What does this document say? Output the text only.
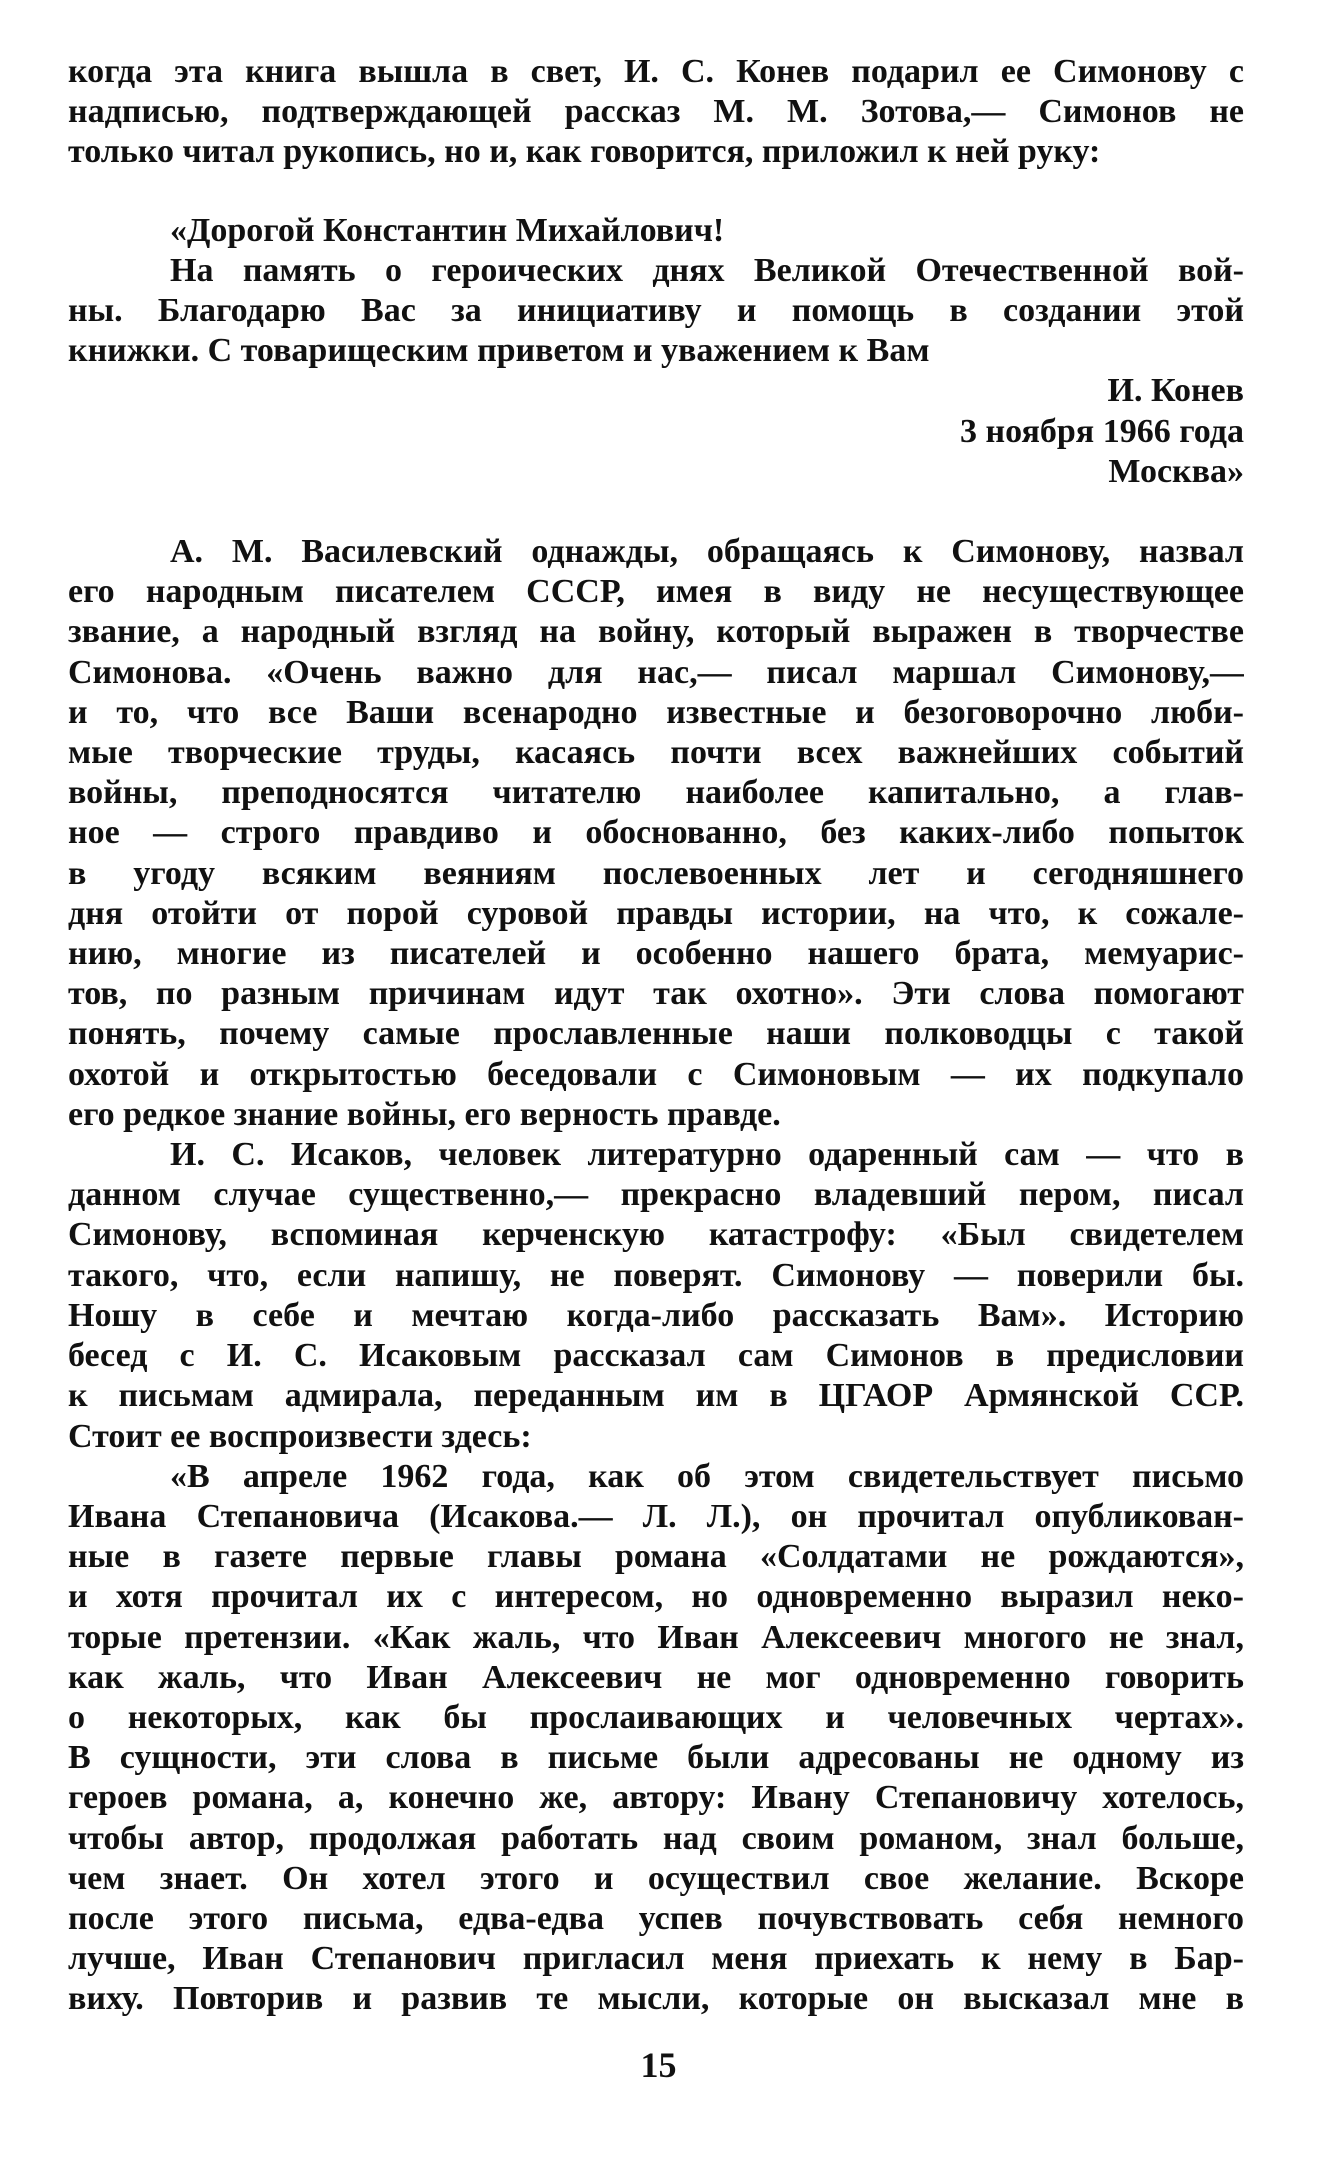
когда эта книга вышла в свет, И. С. Конев подарил ее Симонову с
надписью, подтверждающей рассказ М. М. Зотова,— Симонов не
только читал рукопись, но и, как говорится, приложил к ней руку:
«Дорогой Константин Михайлович!
На память о героических днях Великой Отечественной вой-
ны. Благодарю Вас за инициативу и помощь в создании этой
книжки. С товарищеским приветом и уважением к Вам
И. Конев
3 ноября 1966 года
Москва»
А. М. Василевский однажды, обращаясь к Симонову, назвал
его народным писателем СССР, имея в виду не несуществующее
звание, а народный взгляд на войну, который выражен в творчестве
Симонова. «Очень важно для нас,— писал маршал Симонову,—
и то, что все Ваши всенародно известные и безоговорочно люби-
мые творческие труды, касаясь почти всех важнейших событий
войны, преподносятся читателю наиболее капитально, а глав-
ное — строго правдиво и обоснованно, без каких-либо попыток
в угоду всяким веяниям послевоенных лет и сегодняшнего
дня отойти от порой суровой правды истории, на что, к сожале-
нию, многие из писателей и особенно нашего брата, мемуарис-
тов, по разным причинам идут так охотно». Эти слова помогают
понять, почему самые прославленные наши полководцы с такой
охотой и открытостью беседовали с Симоновым — их подкупало
его редкое знание войны, его верность правде.
И. С. Исаков, человек литературно одаренный сам — что в
данном случае существенно,— прекрасно владевший пером, писал
Симонову, вспоминая керченскую катастрофу: «Был свидетелем
такого, что, если напишу, не поверят. Симонову — поверили бы.
Ношу в себе и мечтаю когда-либо рассказать Вам». Историю
бесед с И. С. Исаковым рассказал сам Симонов в предисловии
к письмам адмирала, переданным им в ЦГАОР Армянской ССР.
Стоит ее воспроизвести здесь:
«В апреле 1962 года, как об этом свидетельствует письмо
Ивана Степановича (Исакова.— Л. Л.), он прочитал опубликован-
ные в газете первые главы романа «Солдатами не рождаются»,
и хотя прочитал их с интересом, но одновременно выразил неко-
торые претензии. «Как жаль, что Иван Алексеевич многого не знал,
как жаль, что Иван Алексеевич не мог одновременно говорить
о некоторых, как бы прослаивающих и человечных чертах».
В сущности, эти слова в письме были адресованы не одному из
героев романа, а, конечно же, автору: Ивану Степановичу хотелось,
чтобы автор, продолжая работать над своим романом, знал больше,
чем знает. Он хотел этого и осуществил свое желание. Вскоре
после этого письма, едва-едва успев почувствовать себя немного
лучше, Иван Степанович пригласил меня приехать к нему в Бар-
виху. Повторив и развив те мысли, которые он высказал мне в
15
